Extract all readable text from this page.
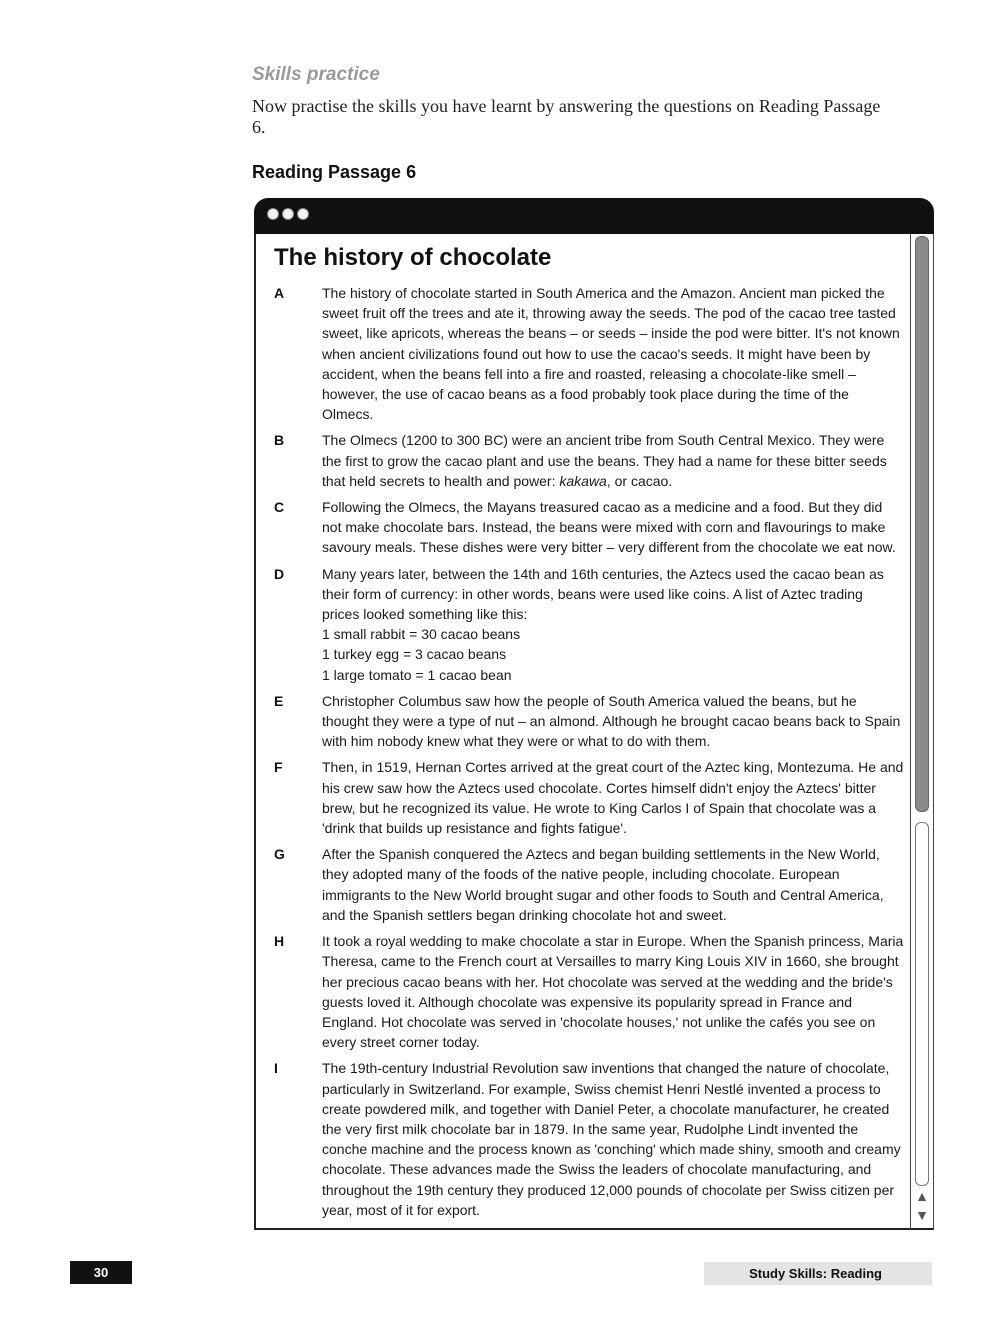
Skills practice

Now practise the skills you have learnt by answering the questions on Reading Passage 6.

Reading Passage 6
The history of chocolate
A	The history of chocolate started in South America and the Amazon. Ancient man picked the sweet fruit off the trees and ate it, throwing away the seeds. The pod of the cacao tree tasted sweet, like apricots, whereas the beans – or seeds – inside the pod were bitter. It's not known when ancient civilizations found out how to use the cacao's seeds. It might have been by accident, when the beans fell into a fire and roasted, releasing a chocolate-like smell – however, the use of cacao beans as a food probably took place during the time of the Olmecs.

B	The Olmecs (1200 to 300 BC) were an ancient tribe from South Central Mexico. They were the first to grow the cacao plant and use the beans. They had a name for these bitter seeds that held secrets to health and power: kakawa, or cacao.

C	Following the Olmecs, the Mayans treasured cacao as a medicine and a food. But they did not make chocolate bars. Instead, the beans were mixed with corn and flavourings to make savoury meals. These dishes were very bitter – very different from the chocolate we eat now.

D	Many years later, between the 14th and 16th centuries, the Aztecs used the cacao bean as their form of currency: in other words, beans were used like coins. A list of Aztec trading prices looked something like this:
1 small rabbit = 30 cacao beans
1 turkey egg = 3 cacao beans
1 large tomato = 1 cacao bean
E	Christopher Columbus saw how the people of South America valued the beans, but he thought they were a type of nut – an almond. Although he brought cacao beans back to Spain with him nobody knew what they were or what to do with them.

F	Then, in 1519, Hernan Cortes arrived at the great court of the Aztec king, Montezuma. He and his crew saw how the Aztecs used chocolate. Cortes himself didn't enjoy the Aztecs' bitter brew, but he recognized its value. He wrote to King Carlos I of Spain that chocolate was a 'drink that builds up resistance and fights fatigue'.

G	After the Spanish conquered the Aztecs and began building settlements in the New World, they adopted many of the foods of the native people, including chocolate. European immigrants to the New World brought sugar and other foods to South and Central America, and the Spanish settlers began drinking chocolate hot and sweet.

H	It took a royal wedding to make chocolate a star in Europe. When the Spanish princess, Maria Theresa, came to the French court at Versailles to marry King Louis XIV in 1660, she brought her precious cacao beans with her. Hot chocolate was served at the wedding and the bride's guests loved it. Although chocolate was expensive its popularity spread in France and England. Hot chocolate was served in 'chocolate houses,' not unlike the cafés you see on every street corner today.

I	The 19th-century Industrial Revolution saw inventions that changed the nature of chocolate, particularly in Switzerland. For example, Swiss chemist Henri Nestlé invented a process to create powdered milk, and together with Daniel Peter, a chocolate manufacturer, he created the very first milk chocolate bar in 1879. In the same year, Rudolphe Lindt invented the conche machine and the process known as 'conching' which made shiny, smooth and creamy chocolate. These advances made the Swiss the leaders of chocolate manufacturing, and throughout the 19th century they produced 12,000 pounds of chocolate per Swiss citizen per year, most of it for export.

▲
▼
30	Study Skills: Reading
